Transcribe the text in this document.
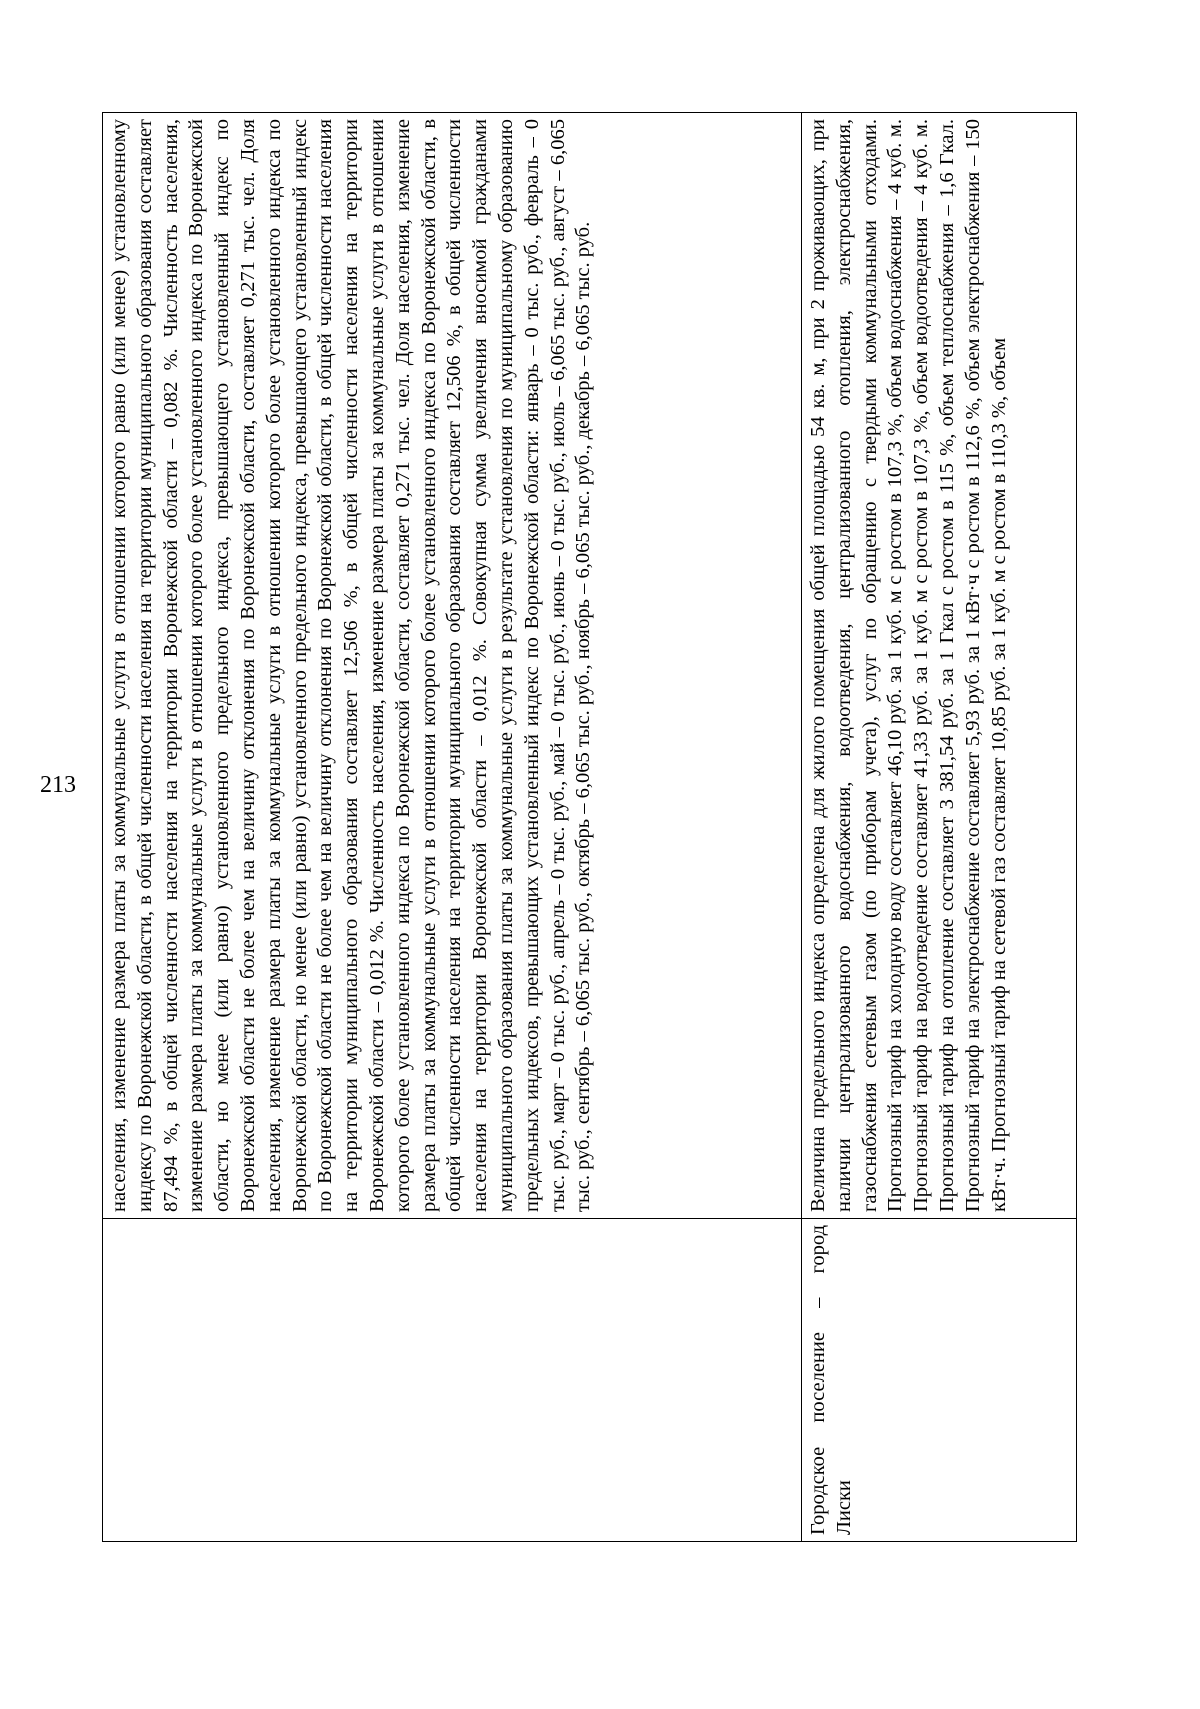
213
	населения, изменение размера платы за коммунальные услуги в отношении которого равно (или менее) установленному индексу по Воронежской области, в общей численности населения на территории муниципального образования составляет 87,494 %, в общей численности населения на территории Воронежской области – 0,082 %. Численность населения, изменение размера платы за коммунальные услуги в отношении которого более установленного индекса по Воронежской области, но менее (или равно) установленного предельного индекса, превышающего установленный индекс по Воронежской области не более чем на величину отклонения по Воронежской области, составляет 0,271 тыс. чел. Доля населения, изменение размера платы за коммунальные услуги в отношении которого более установленного индекса по Воронежской области, но менее (или равно) установленного предельного индекса, превышающего установленный индекс по Воронежской области не более чем на величину отклонения по Воронежской области, в общей численности населения на территории муниципального образования составляет 12,506 %, в общей численности населения на территории Воронежской области – 0,012 %. Численность населения, изменение размера платы за коммунальные услуги в отношении которого более установленного индекса по Воронежской области, составляет 0,271 тыс. чел. Доля населения, изменение размера платы за коммунальные услуги в отношении которого более установленного индекса по Воронежской области, в общей численности населения на территории муниципального образования составляет 12,506 %, в общей численности населения на территории Воронежской области – 0,012 %. Совокупная сумма увеличения вносимой гражданами муниципального образования платы за коммунальные услуги в результате установления по муниципальному образованию предельных индексов, превышающих установленный индекс по Воронежской области: январь – 0 тыс. руб., февраль – 0 тыс. руб., март – 0 тыс. руб., апрель – 0 тыс. руб., май – 0 тыс. руб., июнь – 0 тыс. руб., июль – 6,065 тыс. руб., август – 6,065 тыс. руб., сентябрь – 6,065 тыс. руб., октябрь – 6,065 тыс. руб., ноябрь – 6,065 тыс. руб., декабрь – 6,065 тыс. руб.
Городское поселение – город Лиски	Величина предельного индекса определена для жилого помещения общей площадью 54 кв. м, при 2 проживающих, при наличии централизованного водоснабжения, водоотведения, централизованного отопления, электроснабжения, газоснабжения сетевым газом (по приборам учета), услуг по обращению с твердыми коммунальными отходами. Прогнозный тариф на холодную воду составляет 46,10 руб. за 1 куб. м с ростом в 107,3 %, объем водоснабжения – 4 куб. м. Прогнозный тариф на водоотведение составляет 41,33 руб. за 1 куб. м с ростом в 107,3 %, объем водоотведения – 4 куб. м. Прогнозный тариф на отопление составляет 3 381,54 руб. за 1 Гкал с ростом в 115 %, объем теплоснабжения – 1,6 Гкал. Прогнозный тариф на электроснабжение составляет 5,93 руб. за 1 кВт·ч с ростом в 112,6 %, объем электроснабжения – 150 кВт·ч. Прогнозный тариф на сетевой газ составляет 10,85 руб. за 1 куб. м с ростом в 110,3 %, объем
